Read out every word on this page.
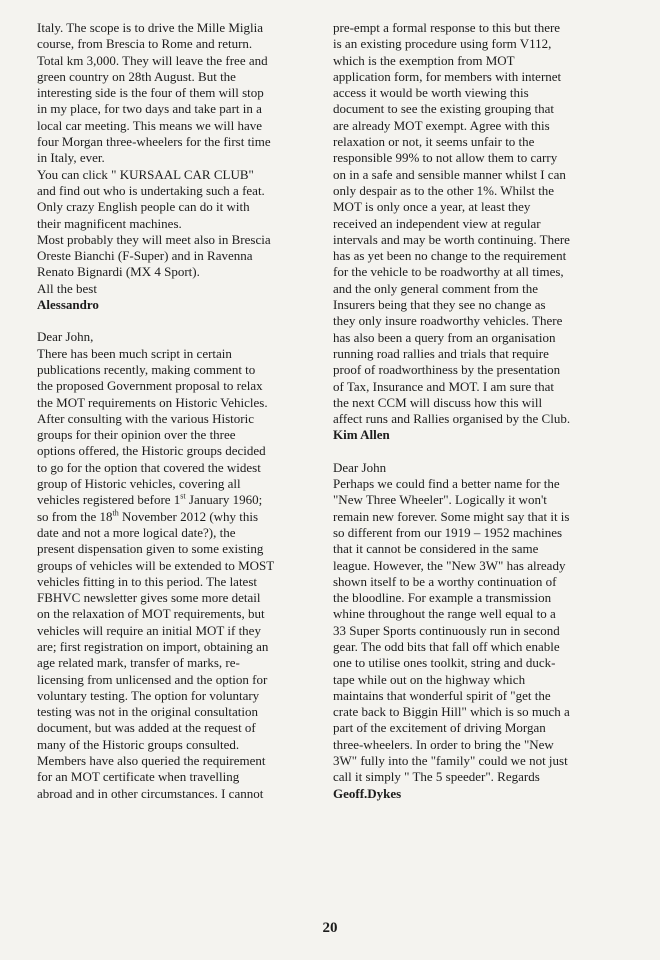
Italy. The scope is to drive the Mille Miglia
course, from Brescia to Rome and return.
Total km 3,000. They will leave the free and
green country on 28th August. But the
interesting side is the four of them will stop
in my place, for two days and take part in a
local car meeting. This means we will have
four Morgan three-wheelers for the first time
in Italy, ever.
You can click " KURSAAL CAR CLUB"
and find out who is undertaking such a feat.
Only crazy English people can do it with
their magnificent machines.
Most probably they will meet also in Brescia
Oreste Bianchi (F-Super) and in Ravenna
Renato Bignardi (MX 4 Sport).
All the best
Alessandro
Dear John,
There has been much script in certain
publications recently, making comment to
the proposed Government proposal to relax
the MOT requirements on Historic Vehicles.
After consulting with the various Historic
groups for their opinion over the three
options offered, the Historic groups decided
to go for the option that covered the widest
group of Historic vehicles, covering all
vehicles registered before 1st January 1960;
so from the 18th November 2012 (why this
date and not a more logical date?), the
present dispensation given to some existing
groups of vehicles will be extended to MOST
vehicles fitting in to this period. The latest
FBHVC newsletter gives some more detail
on the relaxation of MOT requirements, but
vehicles will require an initial MOT if they
are; first registration on import, obtaining an
age related mark, transfer of marks, re-
licensing from unlicensed and the option for
voluntary testing. The option for voluntary
testing was not in the original consultation
document, but was added at the request of
many of the Historic groups consulted.
Members have also queried the requirement
for an MOT certificate when travelling
abroad and in other circumstances. I cannot
pre-empt a formal response to this but there
is an existing procedure using form V112,
which is the exemption from MOT
application form, for members with internet
access it would be worth viewing this
document to see the existing grouping that
are already MOT exempt. Agree with this
relaxation or not, it seems unfair to the
responsible 99% to not allow them to carry
on in a safe and sensible manner whilst I can
only despair as to the other 1%. Whilst the
MOT is only once a year, at least they
received an independent view at regular
intervals and may be worth continuing. There
has as yet been no change to the requirement
for the vehicle to be roadworthy at all times,
and the only general comment from the
Insurers being that they see no change as
they only insure roadworthy vehicles. There
has also been a query from an organisation
running road rallies and trials that require
proof of roadworthiness by the presentation
of Tax, Insurance and MOT. I am sure that
the next CCM will discuss how this will
affect runs and Rallies organised by the Club.
Kim Allen
Dear John
Perhaps we could find a better name for the
"New Three Wheeler". Logically it won't
remain new forever. Some might say that it is
so different from our 1919 – 1952 machines
that it cannot be considered in the same
league. However, the "New 3W" has already
shown itself to be a worthy continuation of
the bloodline. For example a transmission
whine throughout the range well equal to a
33 Super Sports continuously run in second
gear. The odd bits that fall off which enable
one to utilise ones toolkit, string and duck-
tape while out on the highway which
maintains that wonderful spirit of "get the
crate back to Biggin Hill" which is so much a
part of the excitement of driving Morgan
three-wheelers. In order to bring the "New
3W" fully into the "family" could we not just
call it simply " The 5 speeder". Regards
Geoff.Dykes
20
